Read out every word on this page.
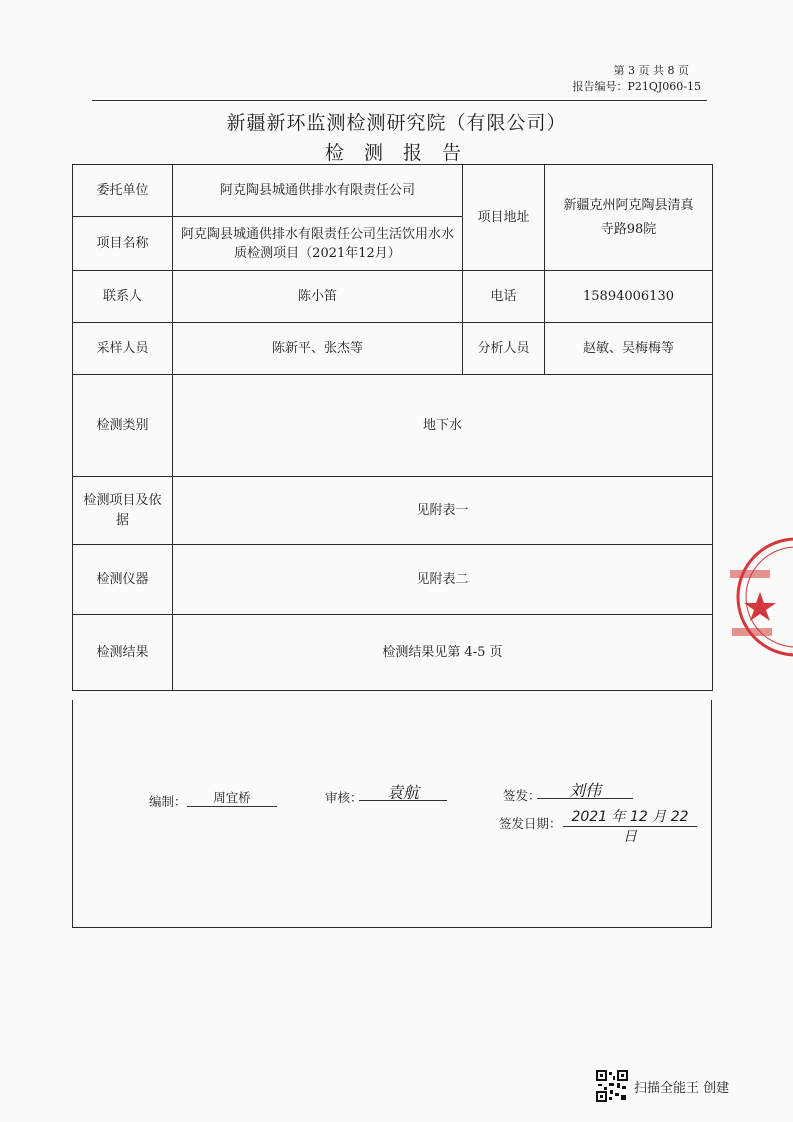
第 3 页 共 8 页
报告编号：P21QJ060-15
新疆新环监测检测研究院（有限公司）
检 测 报 告
委托单位	阿克陶县城通供排水有限责任公司	项目地址	新疆克州阿克陶县清真寺路98院
项目名称	阿克陶县城通供排水有限责任公司生活饮用水水质检测项目（2021年12月）		
联系人	陈小笛	电话	15894006130
采样人员	陈新平、张杰等	分析人员	赵敏、吴梅梅等
检测类别	地下水		
检测项目及依据	见附表一		
检测仪器	见附表二		
检测结果	检测结果见第 4-5 页		
编制：	周宜桥	审核：	袁航	签发：	刘伟
签发日期： 2021 年 12 月 22 日
扫描全能王 创建
